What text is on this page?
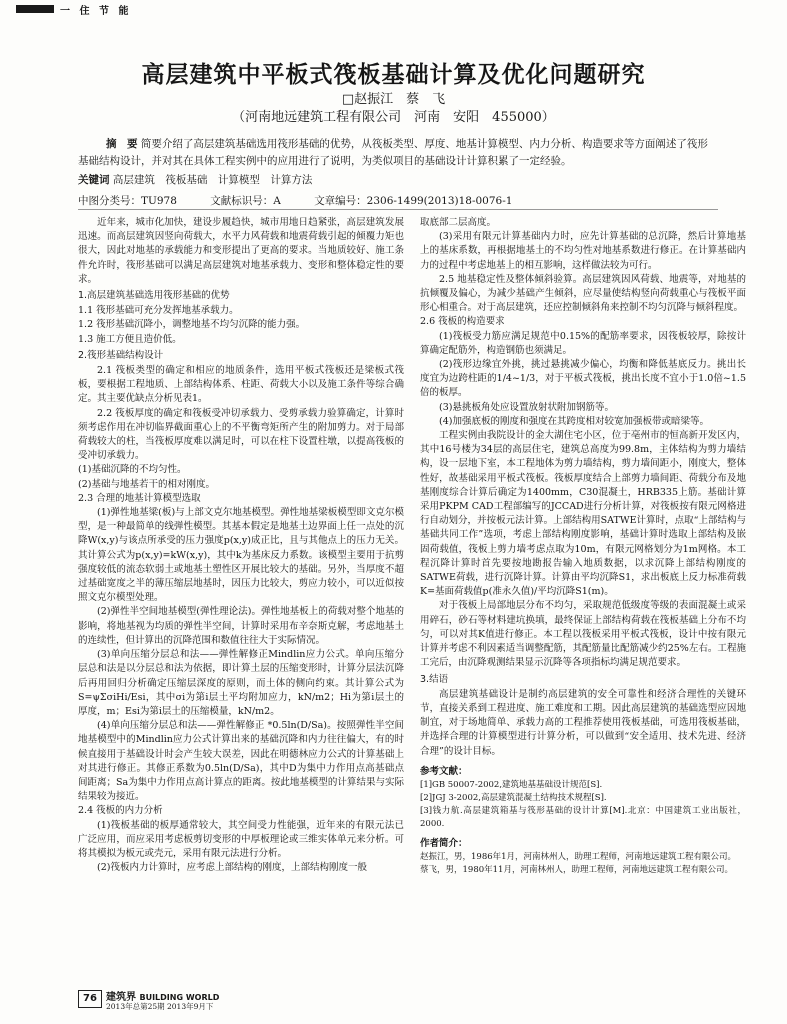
一 住 节 能
高层建筑中平板式筏板基础计算及优化问题研究
□赵振江　蔡　飞
（河南地远建筑工程有限公司　河南　安阳　455000）
摘　要 简要介绍了高层建筑基础选用筏形基础的优势，从筏板类型、厚度、地基计算模型、内力分析、构造要求等方面阐述了筏形基础结构设计，并对其在具体工程实例中的应用进行了说明，为类似项目的基础设计计算积累了一定经验。
关键词 高层建筑　筏板基础　计算模型　计算方法
中图分类号：TU978	文献标识号：A	文章编号：2306-1499(2013)18-0076-1

近年来，城市化加快，建设步履趋快，城市用地日趋紧张，高层建筑发展迅速。而高层建筑因竖向荷载大，水平力风荷载和地震荷载引起的倾覆力矩也很大，因此对地基的承载能力和变形提出了更高的要求。当地质较好、施工条件允许时，筏形基础可以满足高层建筑对地基承载力、变形和整体稳定性的要求。

1.高层建筑基础选用筏形基础的优势

1.1 筏形基础可充分发挥地基承载力。

1.2 筏形基础沉降小，调整地基不均匀沉降的能力强。

1.3 施工方便且造价低。

2.筏形基础结构设计

2.1 筏板类型的确定和相应的地质条件，选用平板式筏板还是梁板式筏板，要根据工程地质、上部结构体系、柱距、荷载大小以及施工条件等综合确定。其主要优缺点分析见表1。

2.2 筏板厚度的确定和筏板受冲切承载力、受剪承载力验算确定，计算时须考虑作用在冲切临界截面重心上的不平衡弯矩所产生的附加剪力。对于局部荷载较大的柱，当筏板厚度难以满足时，可以在柱下设置柱墩，以提高筏板的受冲切承载力。

(1)基础沉降的不均匀性。

(2)基础与地基若干的相对刚度。

2.3 合理的地基计算模型选取

(1)弹性地基梁(板)与上部文克尔地基模型。弹性地基梁板模型即文克尔模型，是一种最简单的线弹性模型。其基本假定是地基土边界面上任一点处的沉降W(x,y)与该点所承受的压力强度p(x,y)成正比，且与其他点上的压力无关。其计算公式为p(x,y)=kW(x,y)，其中k为基床反力系数。该模型主要用于抗剪强度较低的流态软弱土或地基土塑性区开展比较大的基础。另外，当厚度不超过基础宽度之半的薄压缩层地基时，因压力比较大，剪应力较小，可以近似按照文克尔模型处理。

(2)弹性半空间地基模型(弹性理论法)。弹性地基板上的荷载对整个地基的影响，将地基视为均质的弹性半空间，计算时采用布辛奈斯克解，考虑地基土的连续性，但计算出的沉降范围和数值往往大于实际情况。

(3)单向压缩分层总和法——弹性解修正Mindlin应力公式。单向压缩分层总和法是以分层总和法为依据，即计算土层的压缩变形时，计算分层法沉降后再用回归分析确定压缩层深度的原则，而土体的侧向约束。其计算公式为S=ψΣσiHi/Esi，其中σi为第i层土平均附加应力，kN/m2；Hi为第i层土的厚度，m；Esi为第i层土的压缩模量，kN/m2。

(4)单向压缩分层总和法——弹性解修正 *0.5ln(D/Sa)。按照弹性半空间地基模型中的Mindlin应力公式计算出来的基础沉降和内力往往偏大，有的时候直接用于基础设计时会产生较大误差，因此在明德林应力公式的计算基础上对其进行修正。其修正系数为0.5ln(D/Sa)，其中D为集中力作用点高基础点间距离；Sa为集中力作用点高计算点的距离。按此地基模型的计算结果与实际结果较为接近。

2.4 筏板的内力分析

(1)筏板基础的板厚通常较大，其空间受力性能强，近年来的有限元法已广泛应用，而应采用考虑板剪切变形的中厚板理论或三维实体单元来分析。可将其模拟为板元或壳元，采用有限元法进行分析。

(2)筏板内力计算时，应考虑上部结构的刚度，上部结构刚度一般

取底部二层高度。

(3)采用有限元计算基础内力时，应先计算基础的总沉降，然后计算地基上的基床系数，再根据地基土的不均匀性对地基系数进行修正。在计算基础内力的过程中考虑地基上的相互影响，这样做法较为可行。

2.5 地基稳定性及整体倾斜验算。高层建筑因风荷载、地震等，对地基的抗倾覆及偏心，为减少基础产生倾斜，应尽量使结构竖向荷载重心与筏板平面形心相重合。对于高层建筑，还应控制倾斜角来控制不均匀沉降与倾斜程度。

2.6 筏板的构造要求

(1)筏板受力筋应满足规范中0.15%的配筋率要求，因筏板较厚，除按计算确定配筋外，构造钢筋也须满足。

(2)筏形边缘宜外挑，挑过悬挑减少偏心，均衡和降低基底反力。挑出长度宜为边跨柱距的1/4~1/3，对于平板式筏板，挑出长度不宜小于1.0倍~1.5倍的板厚。

(3)悬挑板角处应设置放射状附加钢筋等。

(4)加强底板的刚度和强度在其跨度相对较宽加强板带或暗梁等。

工程实例由我院设计的金大湖住宅小区，位于亳州市的恒高新开发区内，其中16号楼为34层的高层住宅，建筑总高度为99.8m，主体结构为剪力墙结构，设一层地下室，本工程地体为剪力墙结构，剪力墙间距小，刚度大，整体性好，故基础采用平板式筏板。筏板厚度结合上部剪力墙间距、荷载分布及地基刚度综合计算后确定为1400mm，C30混凝土，HRB335上筋。基础计算采用PKPM CAD工程部编写的JCCAD进行分析计算，对筏板按有限元网格进行自动划分，并按板元法计算。上部结构用SATWE计算时，点取“上部结构与基础共同工作”选项，考虑上部结构刚度影响，基础计算时选取上部结构及嵌固荷载值，筏板上剪力墙考虑点取为10m，有限元网格划分为1m网格。本工程沉降计算时首先要按地勘报告输入地质数据，以求沉降上部结构刚度的SATWE荷载，进行沉降计算。计算由平均沉降S1，求出板底上反力标准荷载K=基面荷载值p(准永久值)/平均沉降S1(m)。

对于筏板上局部地层分布不均匀，采取规范低级度等级的表面混凝土或采用碎石，砂石等材料建坑换填，最终保证上部结构荷载在筏板基础上分布不均匀，可以对其K值进行修正。本工程以筏板采用平板式筏板，设计中按有限元计算并考虑不利因素适当调整配筋，其配筋量比配筋减少约25%左右。工程施工完后，由沉降观测结果显示沉降等各项指标均满足规范要求。

3.结语

高层建筑基础设计是制约高层建筑的安全可靠性和经济合理性的关键环节，直接关系到工程进度、施工难度和工期。因此高层建筑的基础选型应因地制宜，对于场地简单、承载力高的工程推荐使用筏板基础，可选用筏板基础，并选择合理的计算模型进行计算分析，可以做到“安全适用、技术先进、经济合理”的设计目标。

参考文献：

[1]GB 50007-2002,建筑地基基础设计规范[S].

[2]JGJ 3-2002,高层建筑混凝土结构技术规程[S].

[3]钱力航.高层建筑箱基与筏形基础的设计计算[M].北京：中国建筑工业出版社，2000.

作者简介：

赵振江，男，1986年1月，河南林州人，助理工程师，河南地远建筑工程有限公司。

蔡飞，男，1980年11月，河南林州人，助理工程师，河南地远建筑工程有限公司。

76 建筑界 BUILDING WORLD
2013年总第25期 2013年9月下
